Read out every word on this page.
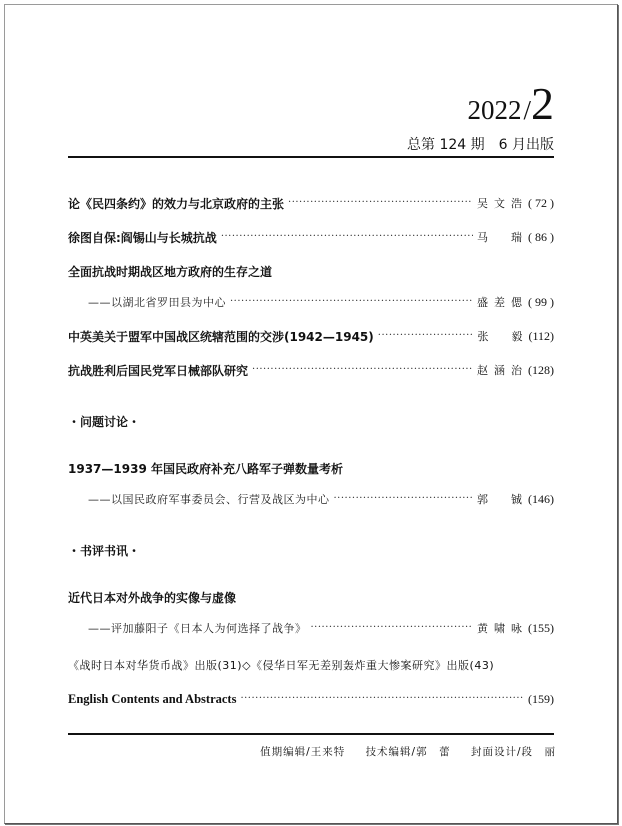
2022/2
总第 124 期　6 月出版
论《民四条约》的效力与北京政府的主张 ·····	吴文浩 ( 72 )
徐图自保:阎锡山与长城抗战 ·····	马　瑞 ( 86 )
全面抗战时期战区地方政府的生存之道
——以湖北省罗田县为中心 ·····	盛差偲 ( 99 )
中英美关于盟军中国战区统辖范围的交涉(1942—1945) ·····	张　毅 (112)
抗战胜利后国民党军日械部队研究 ·····	赵涵治 (128)
・问题讨论・
1937—1939 年国民政府补充八路军子弹数量考析
——以国民政府军事委员会、行营及战区为中心 ·····	郭　铖 (146)
・书评书讯・
近代日本对外战争的实像与虚像
——评加藤阳子《日本人为何选择了战争》 ·····	黄啸咏 (155)
《战时日本对华货币战》出版(31)◇《侵华日军无差别轰炸重大惨案研究》出版(43)
English Contents and Abstracts ·····	(159)
值期编辑/王来特 技术编辑/郭　蕾 封面设计/段　丽
